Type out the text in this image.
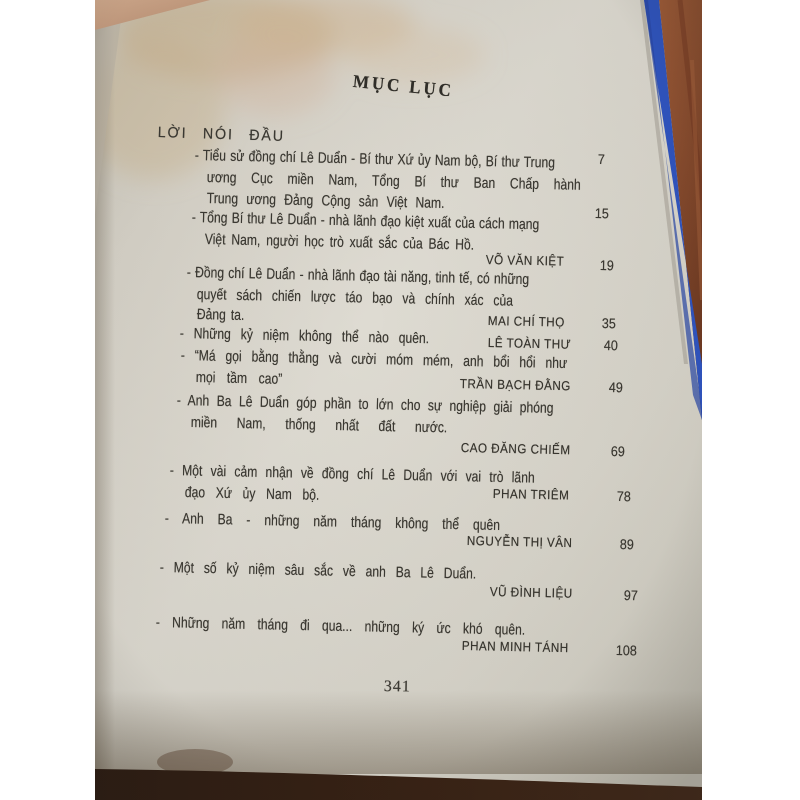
MỤC LỤC
LỜI NÓI ĐẦU
- Tiểu sử đồng chí Lê Duẩn - Bí thư Xứ ủy Nam bộ, Bí thư Trung	7
ương Cục miền Nam, Tổng Bí thư Ban Chấp hành
Trung ương Đảng Cộng sản Việt Nam.
- Tổng Bí thư Lê Duẩn - nhà lãnh đạo kiệt xuất của cách mạng	15
Việt Nam, người học trò xuất sắc của Bác Hồ.
VÕ VĂN KIỆT	19
- Đồng chí Lê Duẩn - nhà lãnh đạo tài năng, tinh tế, có những
quyết sách chiến lược táo bạo và chính xác của
Đảng ta.	MAI CHÍ THỌ	35
- Những kỷ niệm không thể nào quên.	LÊ TOÀN THƯ 40
- “Má gọi bằng thằng và cười móm mém, anh bổi hổi như
mọi tầm cao”	TRẦN BẠCH ĐẰNG	49
- Anh Ba Lê Duẩn góp phần to lớn cho sự nghiệp giải phóng
miền Nam, thống nhất đất nước.
CAO ĐĂNG CHIẾM	69
- Một vài cảm nhận về đồng chí Lê Duẩn với vai trò lãnh
đạo Xứ ủy Nam bộ.	PHAN TRIÊM	78
- Anh Ba - những năm tháng không thể quên
NGUYỄN THỊ VÂN	89
- Một số kỷ niệm sâu sắc về anh Ba Lê Duẩn.
VŨ ĐÌNH LIỆU	97
- Những năm tháng đi qua... những ký ức khó quên.
PHAN MINH TÁNH	108
341
